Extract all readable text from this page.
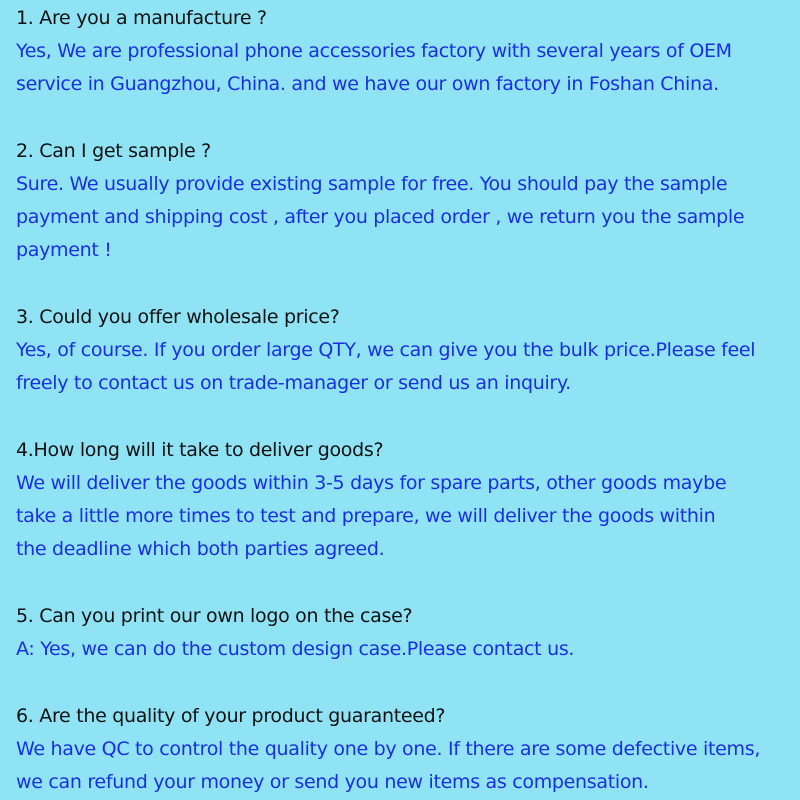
1. Are you a manufacture ?

Yes, We are professional phone accessories factory with several years of OEM

service in Guangzhou, China. and we have our own factory in Foshan China.

2. Can I get sample ?

Sure. We usually provide existing sample for free. You should pay the sample

payment and shipping cost , after you placed order , we return you the sample

payment !

3. Could you offer wholesale price?

Yes, of course. If you order large QTY, we can give you the bulk price.Please feel

freely to contact us on trade-manager or send us an inquiry.

4.How long will it take to deliver goods?

We will deliver the goods within 3-5 days for spare parts, other goods maybe

take a little more times to test and prepare, we will deliver the goods within

the deadline which both parties agreed.

5. Can you print our own logo on the case?

A: Yes, we can do the custom design case.Please contact us.

6. Are the quality of your product guaranteed?

We have QC to control the quality one by one. If there are some defective items,

we can refund your money or send you new items as compensation.
